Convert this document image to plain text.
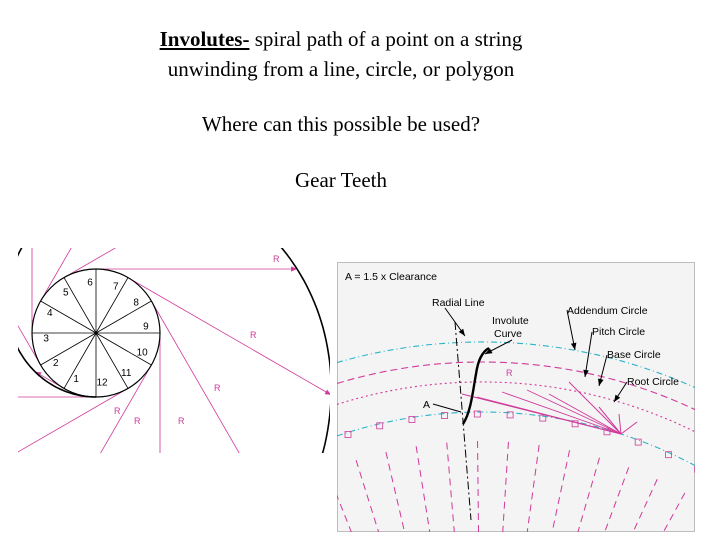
Involutes- spiral path of a point on a string
unwinding from a line, circle, or polygon
Where can this possible be used?
Gear Teeth
R
R
R
R
R
R
1
2
3
4
5
6 7
8
9
10
11
12
A = 1.5 x Clearance
Radial Line
Involute
Curve
Addendum Circle
Pitch Circle
Base Circle
Root Circle
A
R
